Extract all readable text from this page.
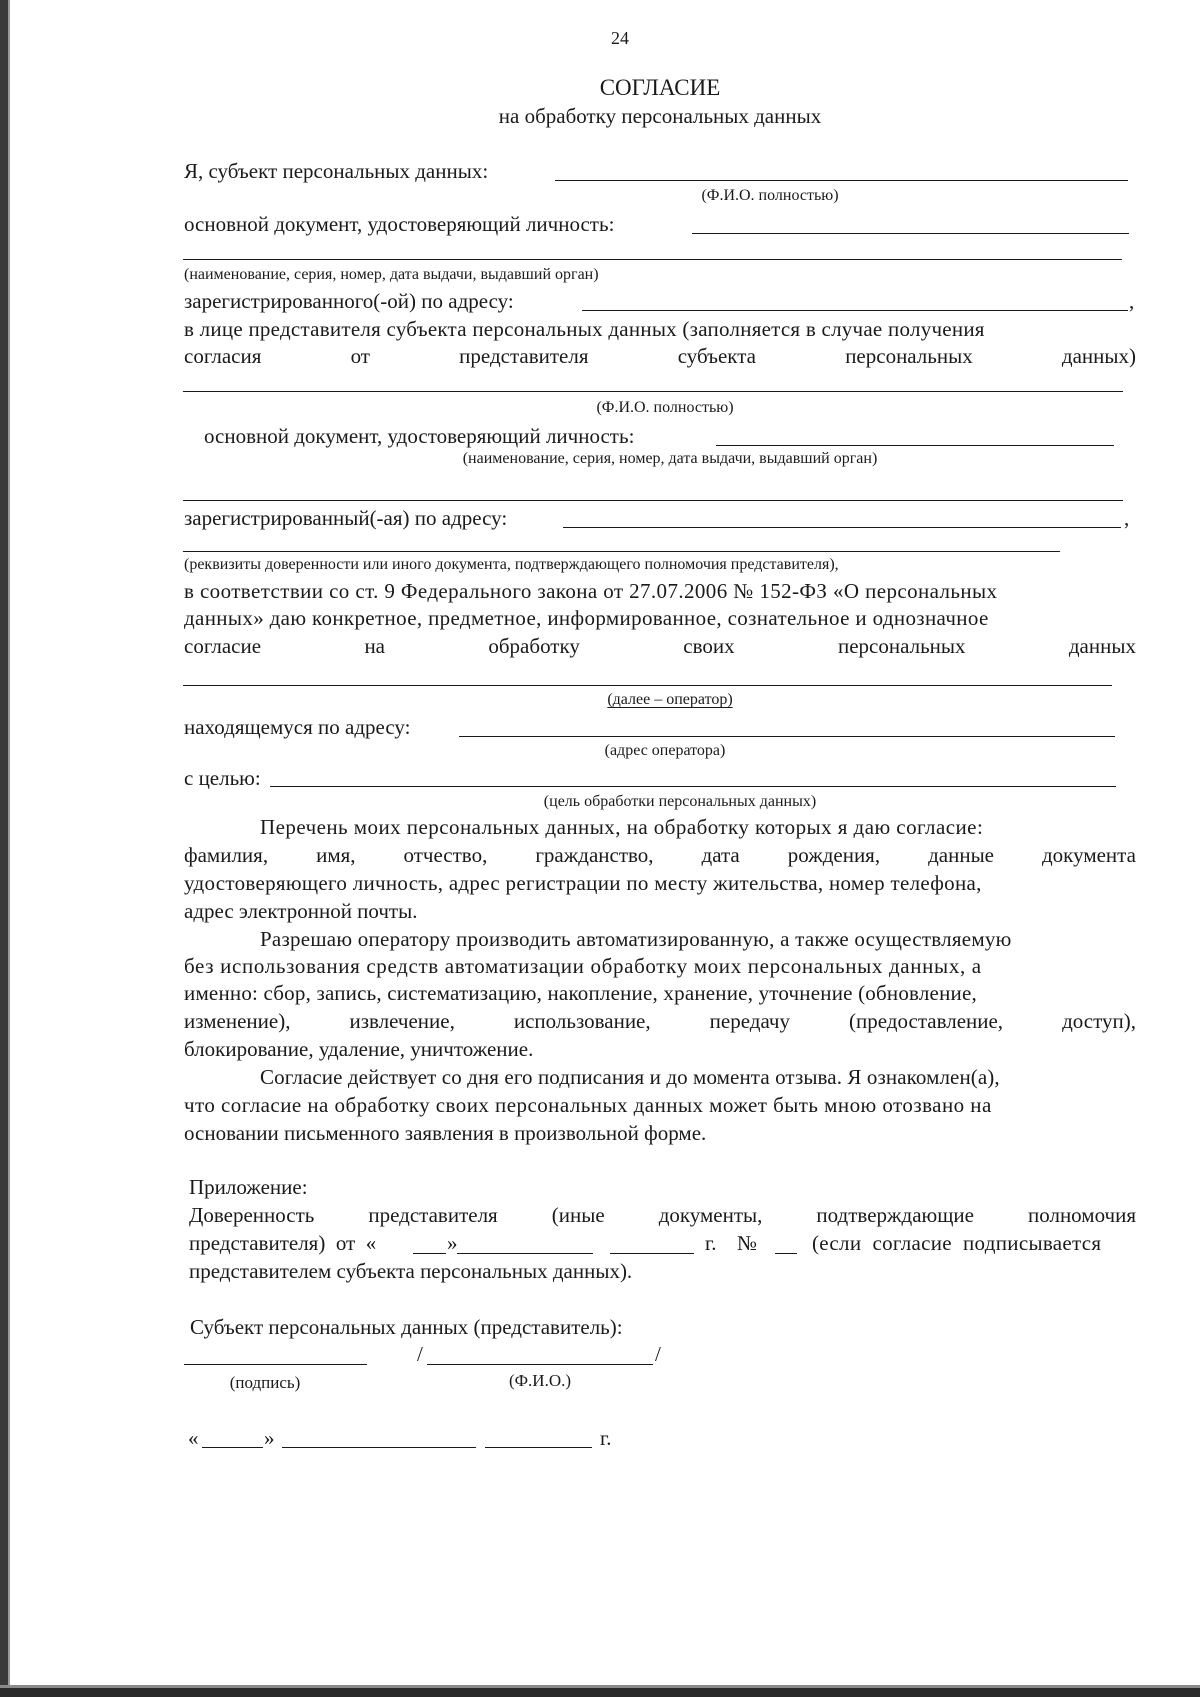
24
СОГЛАСИЕ
на обработку персональных данных
Я, субъект персональных данных:
(Ф.И.О. полностью)
основной документ, удостоверяющий личность:
(наименование, серия, номер, дата выдачи, выдавший орган)
зарегистрированного(-ой) по адресу:	,
в лице представителя субъекта персональных данных (заполняется в случае получения
согласия	от	представителя	субъекта	персональных	данных)
(Ф.И.О. полностью)
основной документ, удостоверяющий личность:
(наименование, серия, номер, дата выдачи, выдавший орган)
зарегистрированный(-ая) по адресу:	,
(реквизиты доверенности или иного документа, подтверждающего полномочия представителя),
в соответствии со ст. 9 Федерального закона от 27.07.2006 № 152-ФЗ «О персональных
данных» даю конкретное, предметное, информированное, сознательное и однозначное
согласие	на	обработку	своих	персональных	данных
(далее – оператор)
находящемуся по адресу:
(адрес оператора)
с целью:
(цель обработки персональных данных)
Перечень моих персональных данных, на обработку которых я даю согласие:
фамилия, имя, отчество, гражданство, дата рождения, данные документа
удостоверяющего личность, адрес регистрации по месту жительства, номер телефона,
адрес электронной почты.
Разрешаю оператору производить автоматизированную, а также осуществляемую
без использования средств автоматизации обработку моих персональных данных, а
именно: сбор, запись, систематизацию, накопление, хранение, уточнение (обновление,
изменение),	извлечение,	использование,	передачу	(предоставление,	доступ),
блокирование, удаление, уничтожение.
Согласие действует со дня его подписания и до момента отзыва. Я ознакомлен(а),
что согласие на обработку своих персональных данных может быть мною отозвано на
основании письменного заявления в произвольной форме.
Приложение:
Доверенность	представителя	(иные	документы,	подтверждающие	полномочия
представителя)  от  «	»	г. №	(если  согласие  подписывается
представителем субъекта персональных данных).
Субъект персональных данных (представитель):
/	/
(подпись)	(Ф.И.О.)
«	»	г.
